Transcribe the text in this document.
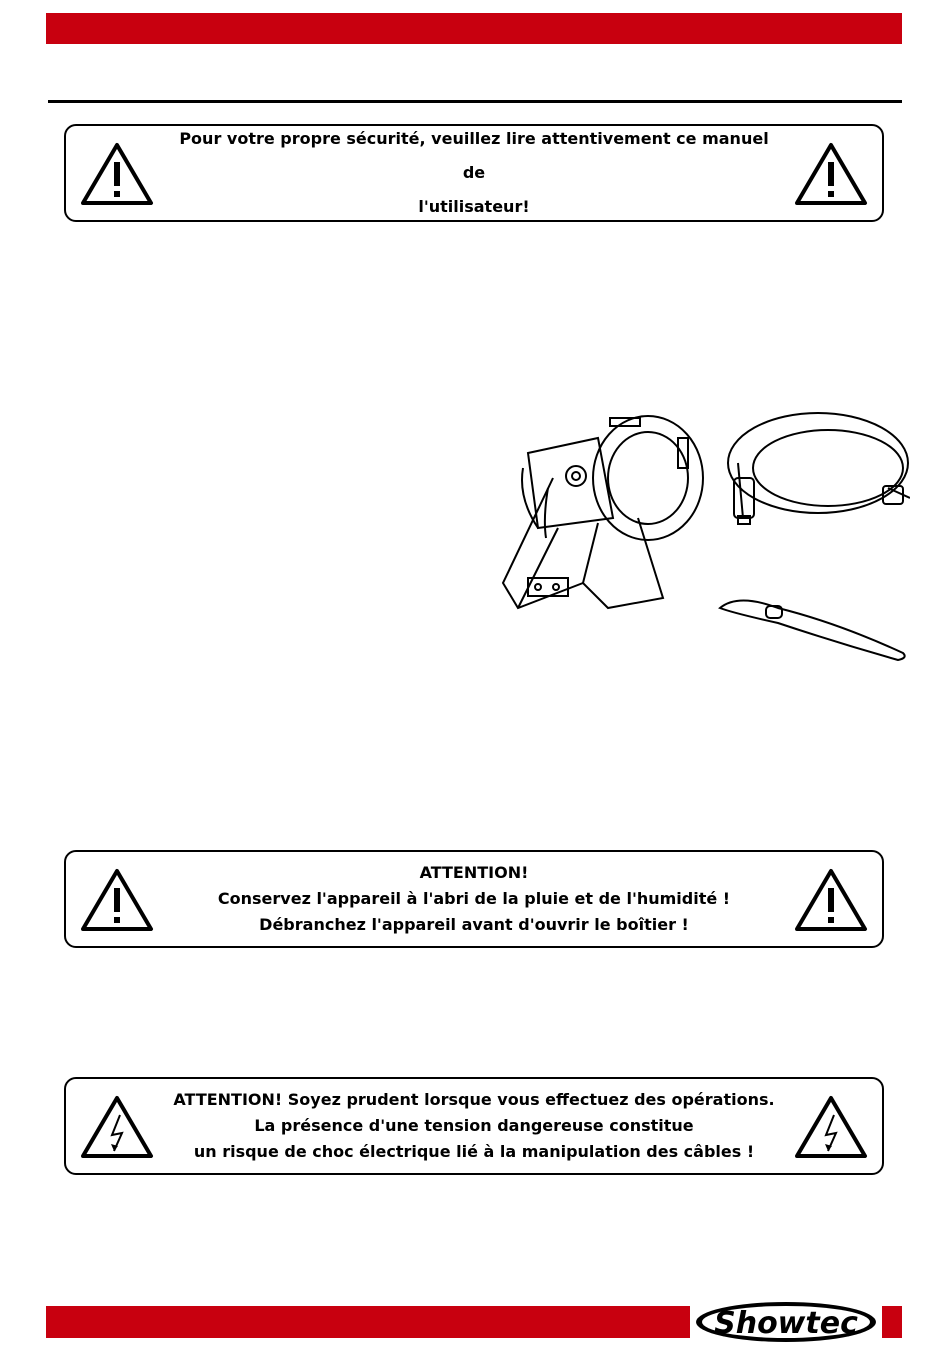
Pour votre propre sécurité, veuillez lire attentivement ce manuel de
l'utilisateur!
ATTENTION!
Conservez l'appareil à l'abri de la pluie et de l'humidité !
Débranchez l'appareil avant d'ouvrir le boîtier !
ATTENTION! Soyez prudent lorsque vous effectuez des opérations.
La présence d'une tension dangereuse constitue
un risque de choc électrique lié à la manipulation des câbles !
Showtec
